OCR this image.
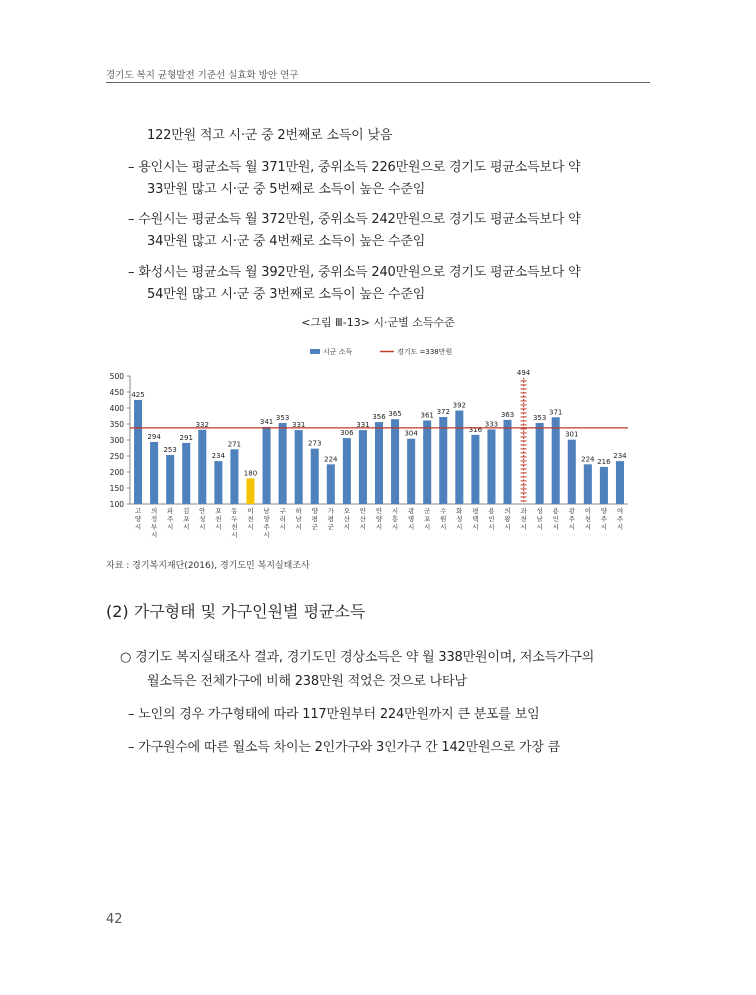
경기도 복지 균형발전 기준선 실효화 방안 연구
122만원 적고 시·군 중 2번째로 소득이 낮음
– 용인시는 평균소득 월 371만원, 중위소득 226만원으로 경기도 평균소득보다 약
33만원 많고 시·군 중 5번째로 소득이 높은 수준임
– 수원시는 평균소득 월 372만원, 중위소득 242만원으로 경기도 평균소득보다 약
34만원 많고 시·군 중 4번째로 소득이 높은 수준임
– 화성시는 평균소득 월 392만원, 중위소득 240만원으로 경기도 평균소득보다 약
54만원 많고 시·군 중 3번째로 소득이 높은 수준임
<그림 Ⅲ-13> 시·군별 소득수준
100
150
200
250
300
350
400
450
500
시군 소득	경기도 =338만원
425
고
양
시
294
의
정
부
시
253
파
주
시
291
김
포
시
332
안
성
시
234
포
천
시
271
동
두
천
시
180
이
천
시
341
남
양
주
시
353
구
리
시
331
하
남
시
273
양
평
군
224
가
평
군
306
오
산
시
331
안
산
시
356
안
양
시
365
시
흥
시
304
광
명
시
361
군
포
시
372
수
원
시
392
화
성
시
316
평
택
시
333
용
인
시
363
의
왕
시
494
과
천
시
353
성
남
시
371
용
인
시
301
광
주
시
224
이
천
시
216
양
주
시
234
여
주
시
자료 : 경기복지재단(2016), 경기도민 복지실태조사
(2) 가구형태 및 가구인원별 평균소득
○ 경기도 복지실태조사 결과, 경기도민 경상소득은 약 월 338만원이며, 저소득가구의
월소득은 전체가구에 비해 238만원 적었은 것으로 나타남
– 노인의 경우 가구형태에 따라 117만원부터 224만원까지 큰 분포를 보임
– 가구원수에 따른 월소득 차이는 2인가구와 3인가구 간 142만원으로 가장 큼
42
